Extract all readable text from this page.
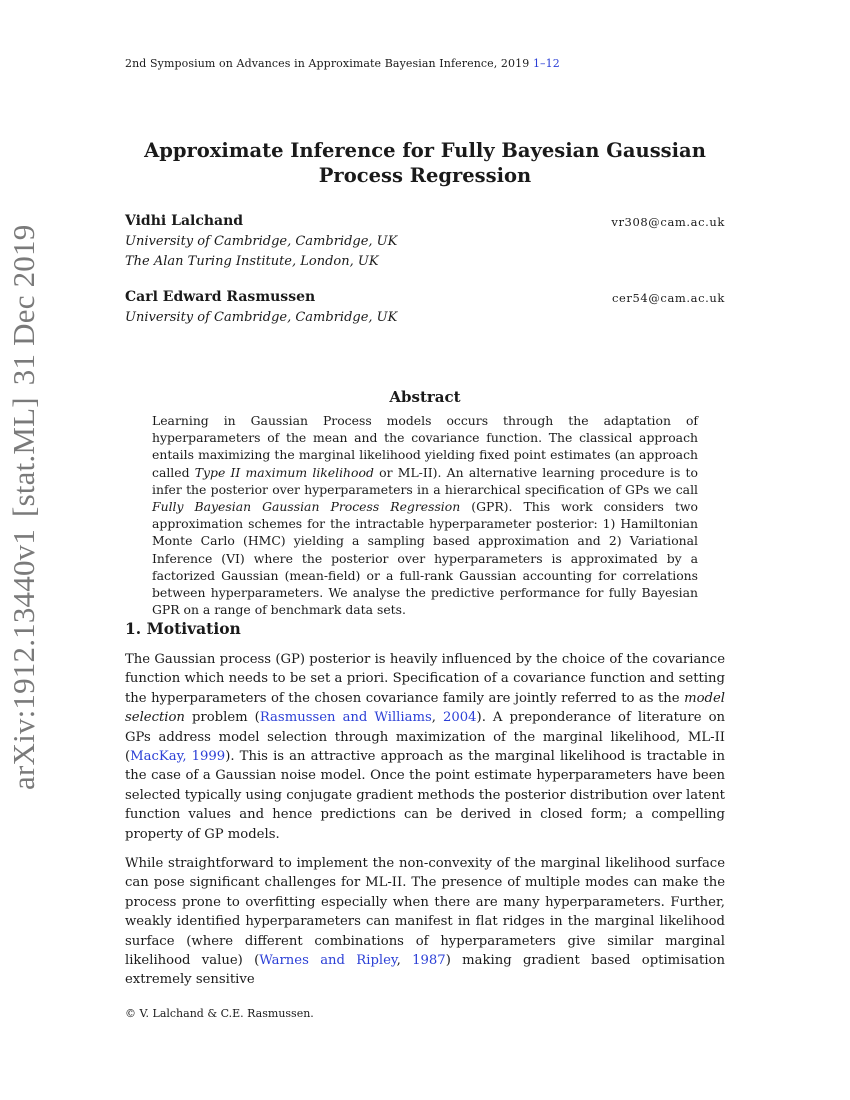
arXiv:1912.13440v1[stat.ML]31 Dec 2019
2nd Symposium on Advances in Approximate Bayesian Inference, 2019 1–12
Approximate Inference for Fully Bayesian Gaussian Process Regression
Vidhi Lalchand	vr308@cam.ac.uk
University of Cambridge, Cambridge, UK
The Alan Turing Institute, London, UK
Carl Edward Rasmussen	cer54@cam.ac.uk
University of Cambridge, Cambridge, UK
Abstract
Learning in Gaussian Process models occurs through the adaptation of hyperparameters of the mean and the covariance function. The classical approach entails maximizing the marginal likelihood yielding fixed point estimates (an approach called Type II maximum likelihood or ML-II). An alternative learning procedure is to infer the posterior over hyperparameters in a hierarchical specification of GPs we call Fully Bayesian Gaussian Process Regression (GPR). This work considers two approximation schemes for the intractable hyperparameter posterior: 1) Hamiltonian Monte Carlo (HMC) yielding a sampling based approximation and 2) Variational Inference (VI) where the posterior over hyperparameters is approximated by a factorized Gaussian (mean-field) or a full-rank Gaussian accounting for correlations between hyperparameters. We analyse the predictive performance for fully Bayesian GPR on a range of benchmark data sets.
1. Motivation
The Gaussian process (GP) posterior is heavily influenced by the choice of the covariance function which needs to be set a priori. Specification of a covariance function and setting the hyperparameters of the chosen covariance family are jointly referred to as the model selection problem (Rasmussen and Williams, 2004). A preponderance of literature on GPs address model selection through maximization of the marginal likelihood, ML-II (MacKay, 1999). This is an attractive approach as the marginal likelihood is tractable in the case of a Gaussian noise model. Once the point estimate hyperparameters have been selected typically using conjugate gradient methods the posterior distribution over latent function values and hence predictions can be derived in closed form; a compelling property of GP models.
While straightforward to implement the non-convexity of the marginal likelihood surface can pose significant challenges for ML-II. The presence of multiple modes can make the process prone to overfitting especially when there are many hyperparameters. Further, weakly identified hyperparameters can manifest in flat ridges in the marginal likelihood surface (where different combinations of hyperparameters give similar marginal likelihood value) (Warnes and Ripley, 1987) making gradient based optimisation extremely sensitive
© V. Lalchand & C.E. Rasmussen.
